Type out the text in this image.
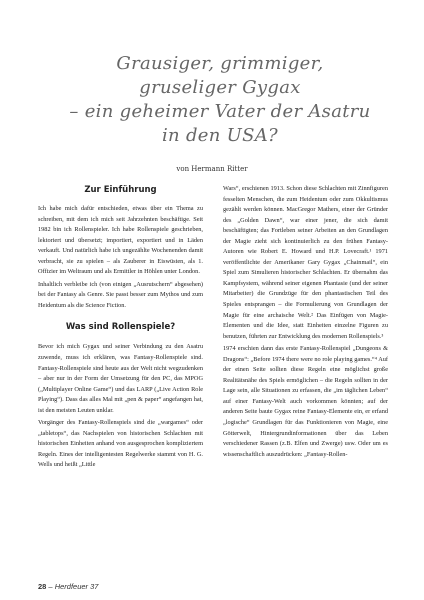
Grausiger, grimmiger,
gruseliger Gygax
– ein geheimer Vater der Asatru
in den USA?
von Hermann Ritter
Zur Einführung

Ich habe mich dafür entschieden, etwas über ein Thema zu schreiben, mit dem ich mich seit Jahrzehnten beschäftige. Seit 1982 bin ich Rollenspieler. Ich habe Rollenspiele geschrieben, lektoriert und übersetzt; importiert, exportiert und in Läden verkauft. Und natürlich habe ich ungezählte Wochenenden damit verbracht, sie zu spielen – als Zauberer in Eiswüsten, als 1. Offizier im Weltraum und als Ermittler in Höhlen unter London.

Inhaltlich verbleibe ich (von einigen „Ausrutschern“ abgesehen) bei der Fantasy als Genre. Sie passt besser zum Mythos und zum Heidentum als die Science Fiction.

Was sind Rollenspiele?

Bevor ich mich Gygax und seiner Verbindung zu den Asatru zuwende, muss ich erklären, was Fantasy-Rollenspiele sind. Fantasy-Rollenspiele sind heute aus der Welt nicht wegzudenken – aber nur in der Form der Umsetzung für den PC, das MPOG („Multiplayer Online Game“) und das LARP („Live Action Role Playing“). Dass das alles Mal mit „pen & paper“ angefangen hat, ist den meisten Leuten unklar.

Vorgänger des Fantasy-Rollenspiels sind die „wargames“ oder „tabletops“, das Nachspielen von historischen Schlachten mit historischen Einheiten anhand von ausgesprochen kompliziertem Regeln. Eines der intelligentesten Regelwerke stammt von H. G. Wells und heißt „Little

Wars“, erschienen 1913. Schon diese Schlachten mit Zinnfiguren fesselten Menschen, die zum Heidentum oder zum Okkultismus gezählt werden können. MacGregor Mathers, einer der Gründer des „Golden Dawn“, war einer jener, die sich damit beschäftigten; das Fortleben seiner Arbeiten an den Grundlagen der Magie zieht sich kontinuierlich zu den frühen Fantasy-Autoren wie Robert E. Howard und H.P. Lovecraft.¹ 1971 veröffentlichte der Amerikaner Gary Gygax „Chainmail“, ein Spiel zum Simulieren historischer Schlachten. Er übernahm das Kampfsystem, während seiner eigenen Phantasie (und der seiner Mitarbeiter) die Grundzüge für den phantastischen Teil des Spieles entsprangen – die Formulierung von Grundlagen der Magie für eine archaische Welt.² Das Einfügen von Magie-Elementen und die Idee, statt Einheiten einzelne Figuren zu benutzen, führten zur Entwicklung des modernen Rollenspiels.³

1974 erschien dann das erste Fantasy-Rollenspiel „Dungeons & Dragons“: „Before 1974 there were no role playing games.“⁴ Auf der einen Seite sollten diese Regeln eine möglichst große Realitätsnähe des Spiels ermöglichen – die Regeln sollten in der Lage sein, alle Situationen zu erfassen, die „im täglichen Leben“ auf einer Fantasy-Welt auch vorkommen könnten; auf der anderen Seite baute Gygax reine Fantasy-Elemente ein, er erfand „logische“ Grundlagen für das Funktionieren von Magie, eine Götterwelt, Hintergrundinformationen über das Leben verschiedener Rassen (z.B. Elfen und Zwerge) usw. Oder um es wissenschaftlich auszudrücken: „Fantasy-Rollen-

28 – Herdfeuer 37
